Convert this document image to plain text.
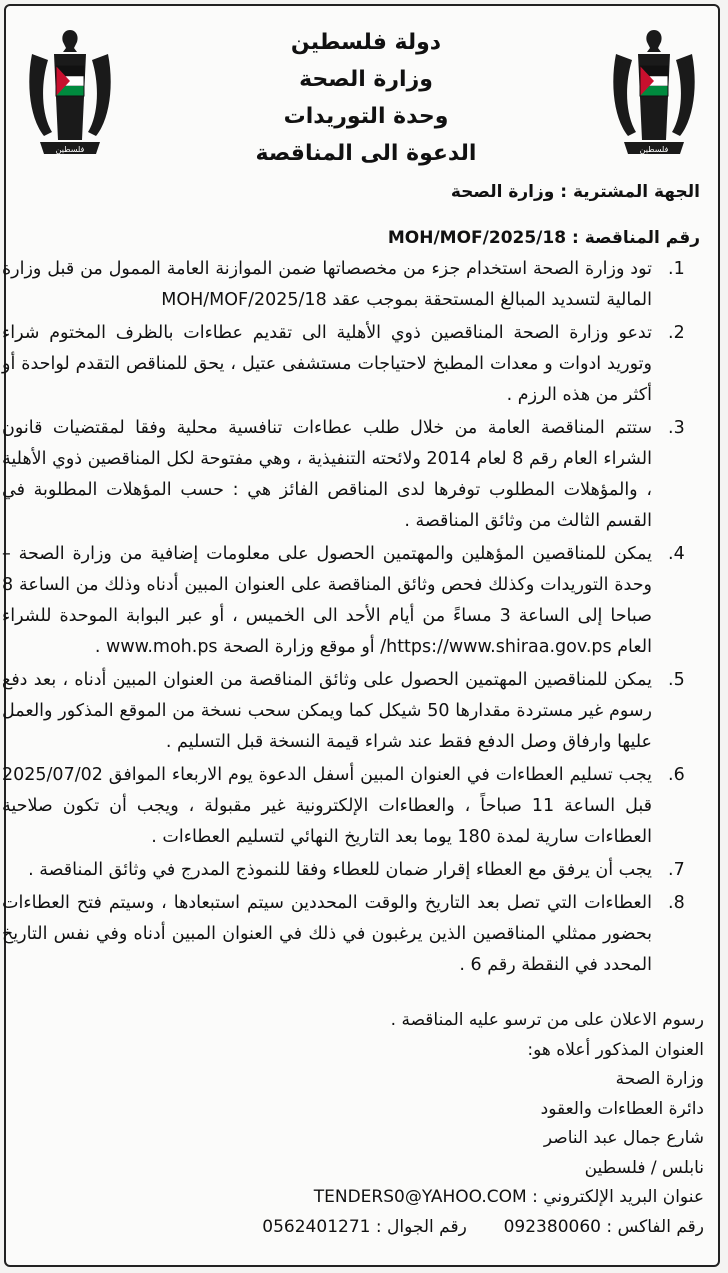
فلسطين
فلسطين
دولة فلسطين
وزارة الصحة
وحدة التوريدات
الدعوة الى المناقصة
الجهة المشترية : وزارة الصحة
رقم المناقصة : MOH/MOF/2025/18
1.
تود وزارة الصحة استخدام جزء من مخصصاتها ضمن الموازنة العامة الممول من قبل وزارة المالية لتسديد المبالغ المستحقة بموجب عقد MOH/MOF/2025/18
2.
تدعو وزارة الصحة المناقصين ذوي الأهلية الى تقديم عطاءات بالظرف المختوم شراء وتوريد ادوات و معدات المطبخ لاحتياجات مستشفى عتيل ، يحق للمناقص التقدم لواحدة أو أكثر من هذه الرزم .
3.
ستتم المناقصة العامة من خلال طلب عطاءات تنافسية محلية وفقا لمقتضيات قانون الشراء العام رقم 8 لعام 2014 ولائحته التنفيذية ، وهي مفتوحة لكل المناقصين ذوي الأهلية ، والمؤهلات المطلوب توفرها لدى المناقص الفائز هي : حسب المؤهلات المطلوبة في القسم الثالث من وثائق المناقصة .
4.
يمكن للمناقصين المؤهلين والمهتمين الحصول على معلومات إضافية من وزارة الصحة – وحدة التوريدات وكذلك فحص وثائق المناقصة على العنوان المبين أدناه وذلك من الساعة 8 صباحا إلى الساعة 3 مساءً من أيام الأحد الى الخميس ، أو عبر البوابة الموحدة للشراء العام https://www.shiraa.gov.ps/ أو موقع وزارة الصحة www.moh.ps .
5.
يمكن للمناقصين المهتمين الحصول على وثائق المناقصة من العنوان المبين أدناه ، بعد دفع رسوم غير مستردة مقدارها 50 شيكل كما ويمكن سحب نسخة من الموقع المذكور والعمل عليها وارفاق وصل الدفع فقط عند شراء قيمة النسخة قبل التسليم .
6.
يجب تسليم العطاءات في العنوان المبين أسفل الدعوة يوم الاربعاء الموافق 2025/07/02 قبل الساعة 11 صباحاً ، والعطاءات الإلكترونية غير مقبولة ، ويجب أن تكون صلاحية العطاءات سارية لمدة 180 يوما بعد التاريخ النهائي لتسليم العطاءات .
7.
يجب أن يرفق مع العطاء إقرار ضمان للعطاء وفقا للنموذج المدرج في وثائق المناقصة .
8.
العطاءات التي تصل بعد التاريخ والوقت المحددين سيتم استبعادها ، وسيتم فتح العطاءات بحضور ممثلي المناقصين الذين يرغبون في ذلك في العنوان المبين أدناه وفي نفس التاريخ المحدد في النقطة رقم 6 .
رسوم الاعلان على من ترسو عليه المناقصة .
العنوان المذكور أعلاه هو:
وزارة الصحة
دائرة العطاءات والعقود
شارع جمال عبد الناصر
نابلس / فلسطين
عنوان البريد الإلكتروني : TENDERS0@YAHOO.COM
رقم الفاكس : 092380060  رقم الجوال : 0562401271
